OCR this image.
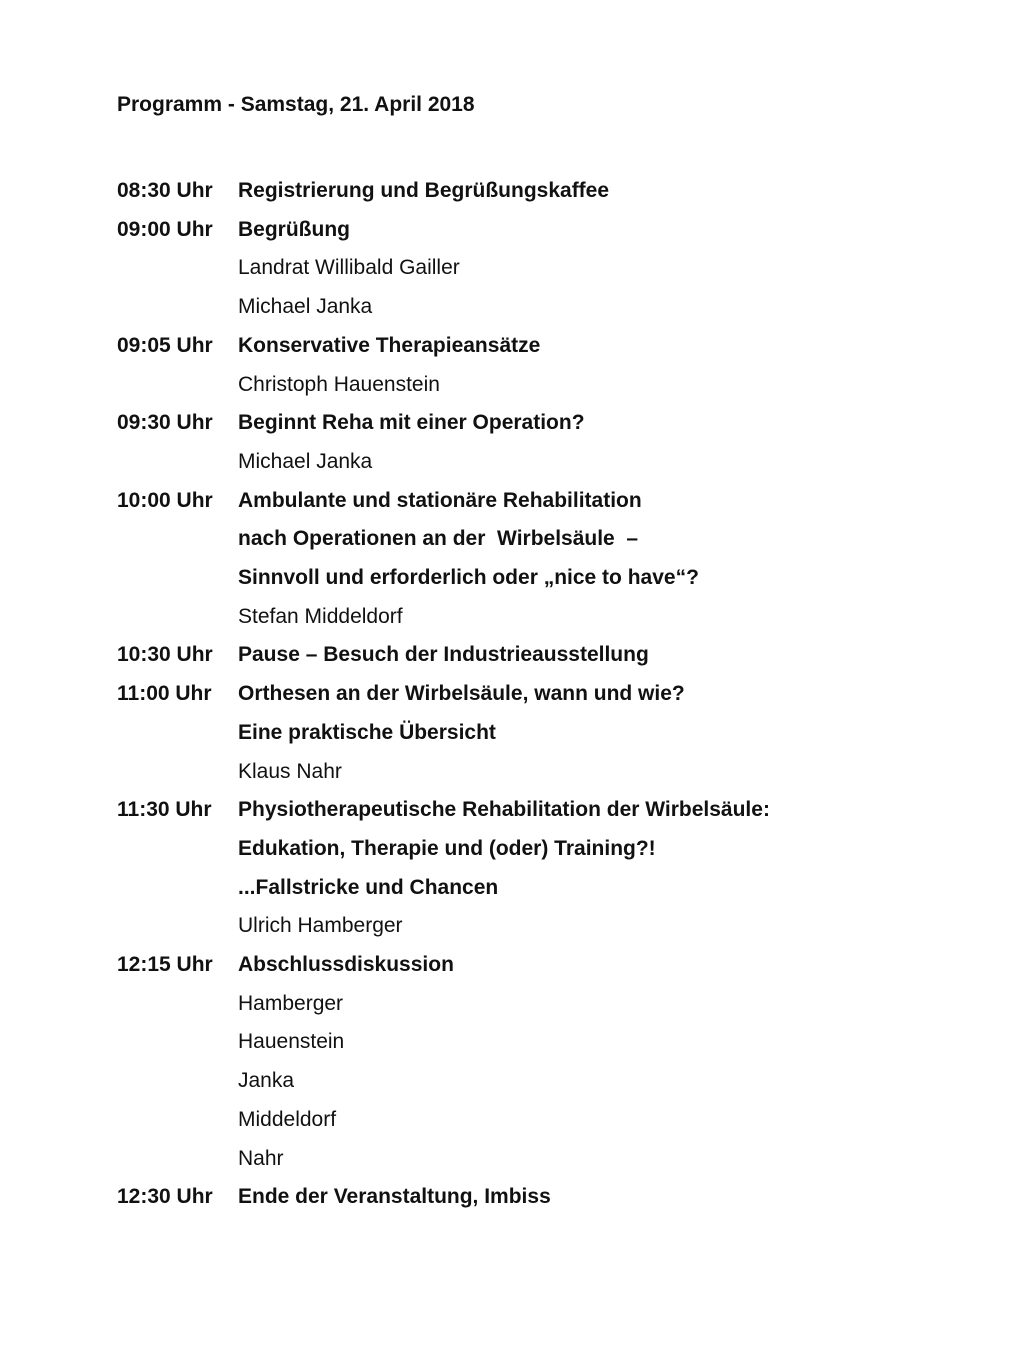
Programm - Samstag, 21. April 2018
08:30 Uhr	Registrierung und Begrüßungskaffee
09:00 Uhr	Begrüßung
Landrat Willibald Gailler
Michael Janka
09:05 Uhr	Konservative Therapieansätze
Christoph Hauenstein
09:30 Uhr	Beginnt Reha mit einer Operation?
Michael Janka
10:00 Uhr	Ambulante und stationäre Rehabilitation
nach Operationen an der  Wirbelsäule  –
Sinnvoll und erforderlich oder „nice to have“?
Stefan Middeldorf
10:30 Uhr	Pause – Besuch der Industrieausstellung
11:00 Uhr	Orthesen an der Wirbelsäule, wann und wie?
Eine praktische Übersicht
Klaus Nahr
11:30 Uhr	Physiotherapeutische Rehabilitation der Wirbelsäule:
Edukation, Therapie und (oder) Training?!
...Fallstricke und Chancen
Ulrich Hamberger
12:15 Uhr	Abschlussdiskussion
Hamberger
Hauenstein
Janka
Middeldorf
Nahr
12:30 Uhr	Ende der Veranstaltung, Imbiss
